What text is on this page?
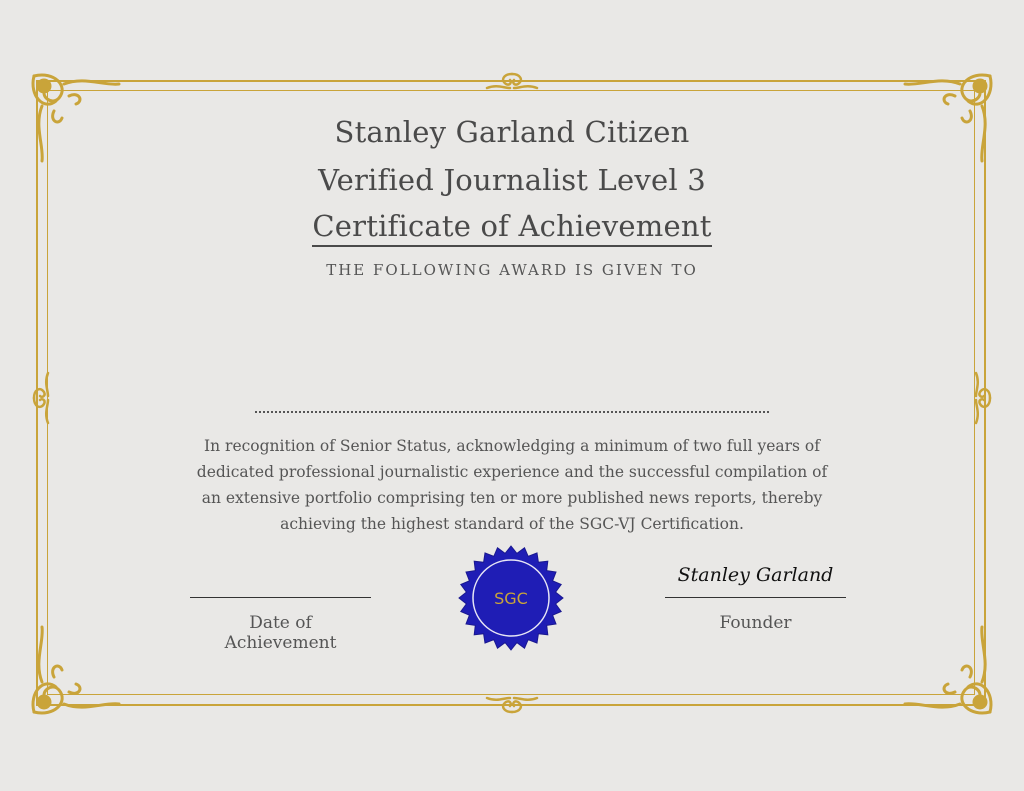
Stanley Garland Citizen
Verified Journalist Level 3
Certificate of Achievement
THE FOLLOWING AWARD IS GIVEN TO
In recognition of Senior Status, acknowledging a minimum of two full years of dedicated professional journalistic experience and the successful compilation of an extensive portfolio comprising ten or more published news reports, thereby achieving the highest standard of the SGC-VJ Certification.
SGC
Stanley Garland
Date of
Achievement
Founder
